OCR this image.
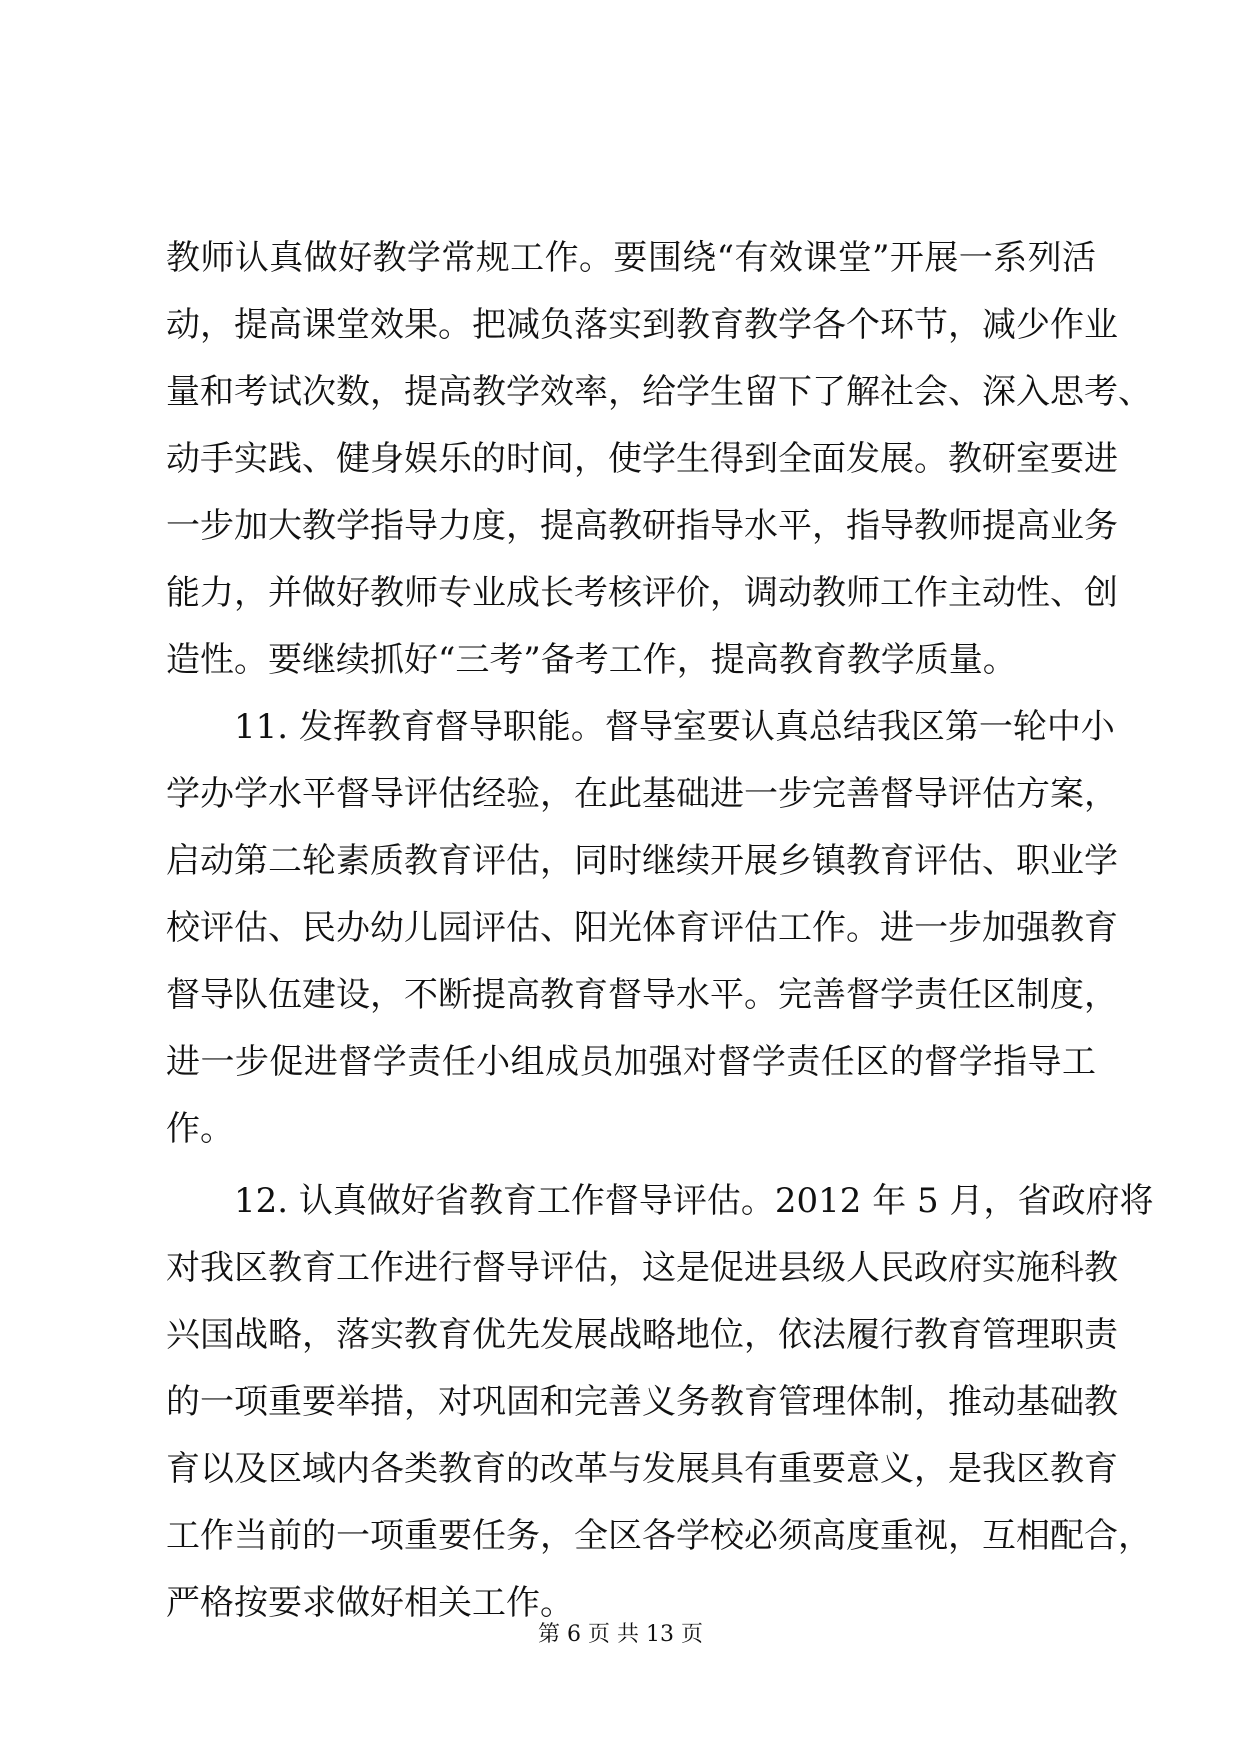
教师认真做好教学常规工作。要围绕“有效课堂”开展一系列活
动，提高课堂效果。把减负落实到教育教学各个环节，减少作业
量和考试次数，提高教学效率，给学生留下了解社会、深入思考、
动手实践、健身娱乐的时间，使学生得到全面发展。教研室要进
一步加大教学指导力度，提高教研指导水平，指导教师提高业务
能力，并做好教师专业成长考核评价，调动教师工作主动性、创
造性。要继续抓好“三考”备考工作，提高教育教学质量。
11. 发挥教育督导职能。督导室要认真总结我区第一轮中小
学办学水平督导评估经验，在此基础进一步完善督导评估方案，
启动第二轮素质教育评估，同时继续开展乡镇教育评估、职业学
校评估、民办幼儿园评估、阳光体育评估工作。进一步加强教育
督导队伍建设，不断提高教育督导水平。完善督学责任区制度，
进一步促进督学责任小组成员加强对督学责任区的督学指导工
作。
12. 认真做好省教育工作督导评估。2012 年 5 月，省政府将
对我区教育工作进行督导评估，这是促进县级人民政府实施科教
兴国战略，落实教育优先发展战略地位，依法履行教育管理职责
的一项重要举措，对巩固和完善义务教育管理体制，推动基础教
育以及区域内各类教育的改革与发展具有重要意义，是我区教育
工作当前的一项重要任务，全区各学校必须高度重视，互相配合，
严格按要求做好相关工作。
第 6 页 共 13 页
